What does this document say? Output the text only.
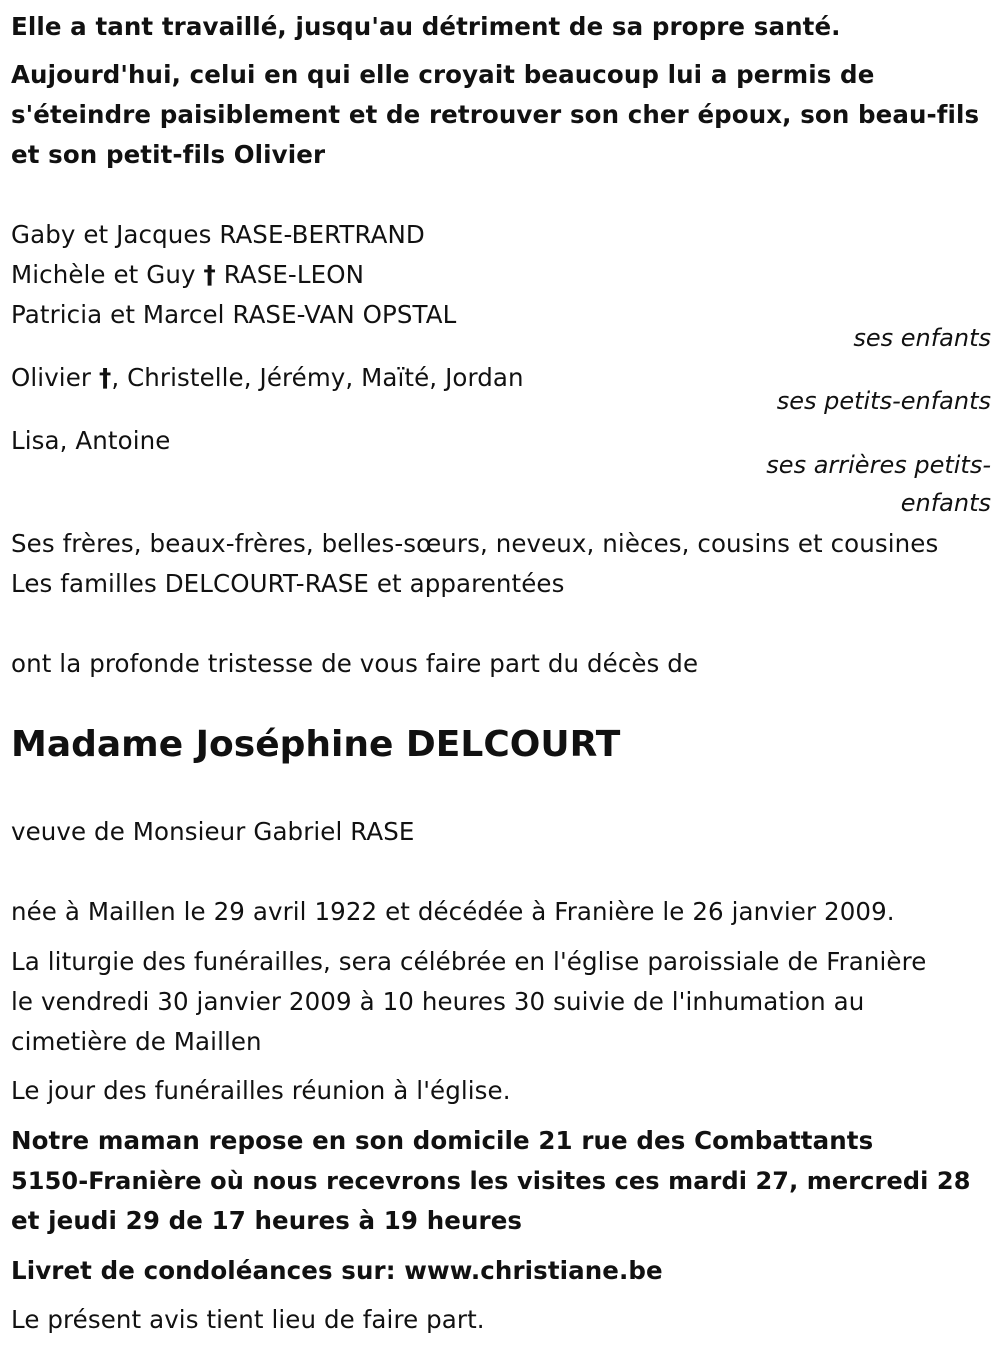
Elle a tant travaillé, jusqu'au détriment de sa propre santé.
Aujourd'hui, celui en qui elle croyait beaucoup lui a permis de
s'éteindre paisiblement et de retrouver son cher époux, son beau-fils
et son petit-fils Olivier
Gaby et Jacques RASE-BERTRAND
Michèle et Guy † RASE-LEON
Patricia et Marcel RASE-VAN OPSTAL
ses enfants
Olivier †, Christelle, Jérémy, Maïté, Jordan
ses petits-enfants
Lisa, Antoine
ses arrières petits-
enfants
Ses frères, beaux-frères, belles-sœurs, neveux, nièces, cousins et cousines
Les familles DELCOURT-RASE et apparentées
ont la profonde tristesse de vous faire part du décès de
Madame Joséphine DELCOURT
veuve de Monsieur Gabriel RASE
née à Maillen le 29 avril 1922 et décédée à Franière le 26 janvier 2009.
La liturgie des funérailles, sera célébrée en l'église paroissiale de Franière
le vendredi 30 janvier 2009 à 10 heures 30 suivie de l'inhumation au
cimetière de Maillen
Le jour des funérailles réunion à l'église.
Notre maman repose en son domicile 21 rue des Combattants
5150-Franière où nous recevrons les visites ces mardi 27, mercredi 28
et jeudi 29 de 17 heures à 19 heures
Livret de condoléances sur: www.christiane.be
Le présent avis tient lieu de faire part.
